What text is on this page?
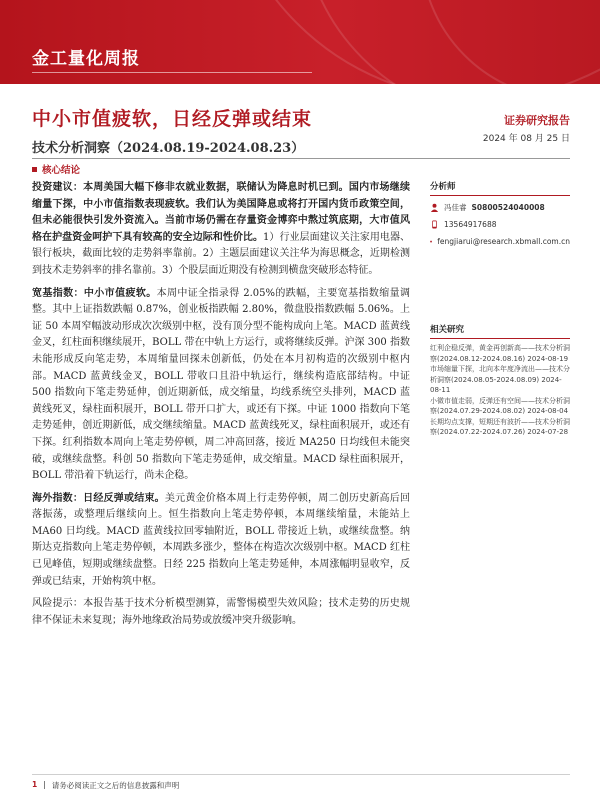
金工量化周报
中小市值疲软，日经反弹或结束
技术分析洞察（2024.08.19-2024.08.23）
证券研究报告
2024 年 08 月 25 日
核心结论

投资建议：本周美国大幅下修非农就业数据，联储认为降息时机已到。国内市场继续缩量下探，中小市值指数表现疲软。我们认为美国降息或将打开国内货币政策空间，但未必能很快引发外资流入。当前市场仍需在存量资金博弈中熬过筑底期，大市值风格在护盘资金呵护下具有较高的安全边际和性价比。1）行业层面建议关注家用电器、银行板块，截面比较的走势斜率靠前。2）主题层面建议关注华为海思概念，近期检测到技术走势斜率的排名靠前。3）个股层面近期没有检测到横盘突破形态特征。

宽基指数：中小市值疲软。本周中证全指录得 2.05%的跌幅，主要宽基指数缩量调整。其中上证指数跌幅 0.87%，创业板指跌幅 2.80%，微盘股指数跌幅 5.06%。上证 50 本周窄幅波动形成次次级别中枢，没有顶分型不能构成向上笔。MACD 蓝黄线金叉，红柱面积继续展开，BOLL 带在中轨上方运行，或将继续反弹。沪深 300 指数未能形成反向笔走势，本周缩量回探未创新低，仍处在本月初构造的次级别中枢内部。MACD 蓝黄线金叉，BOLL 带收口且沿中轨运行，继续构造底部结构。中证 500 指数向下笔走势延伸，创近期新低，成交缩量，均线系统空头排列，MACD 蓝黄线死叉，绿柱面积展开，BOLL 带开口扩大，或还有下探。中证 1000 指数向下笔走势延伸，创近期新低，成交继续缩量。MACD 蓝黄线死叉，绿柱面积展开，或还有下探。红利指数本周向上笔走势停顿，周二冲高回落，接近 MA250 日均线但未能突破，或继续盘整。科创 50 指数向下笔走势延伸，成交缩量。MACD 绿柱面积展开，BOLL 带沿着下轨运行，尚未企稳。

海外指数：日经反弹或结束。美元黄金价格本周上行走势停顿，周二创历史新高后回落振荡，或整理后继续向上。恒生指数向上笔走势停顿，本周继续缩量，未能站上 MA60 日均线。MACD 蓝黄线拉回零轴附近，BOLL 带接近上轨，或继续盘整。纳斯达克指数向上笔走势停顿，本周跌多涨少，整体在构造次次级别中枢。MACD 红柱已见峰值，短期或继续盘整。日经 225 指数向上笔走势延伸，本周涨幅明显收窄，反弹或已结束，开始构筑中枢。

风险提示：本报告基于技术分析模型测算，需警惕模型失效风险；技术走势的历史规律不保证未来复现；海外地缘政治局势或放缓冲突升级影响。

分析师
冯佳睿 S0800524040008
13564917688
fengjiarui@research.xbmall.com.cn
相关研究
红利企稳反弹，黄金再创新高——技术分析洞察(2024.08.12-2024.08.16) 2024-08-19
市场缩量下探，北向本年度净流出——技术分析洞察(2024.08.05-2024.08.09) 2024-08-11
小微市值走弱，反弹还有空间——技术分析洞察(2024.07.29-2024.08.02) 2024-08-04
长期均点支撑，短期还有波折——技术分析洞察(2024.07.22-2024.07.26) 2024-07-28
1 | 请务必阅读正文之后的信息披露和声明
